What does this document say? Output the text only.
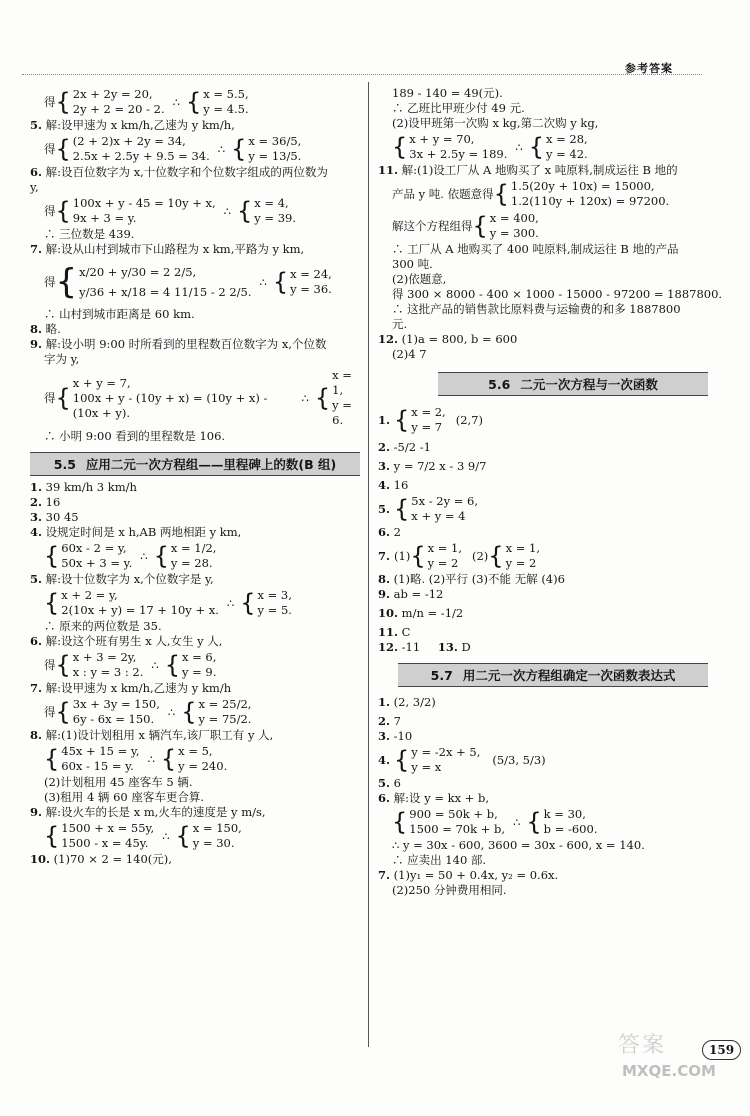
参考答案
得 { 2x + 2y = 20,
2y + 2 = 20 - 2.
∴ { x = 5.5,
y = 4.5.
5. 解:设甲速为 x km/h,乙速为 y km/h,
得 { (2 + 2)x + 2y = 34,
2.5x + 2.5y + 9.5 = 34.
∴ { x = 36/5,
y = 13/5.
6. 解:设百位数字为 x,十位数字和个位数字组成的两位数为
y,
得 { 100x + y - 45 = 10y + x,
9x + 3 = y.
∴ { x = 4,
y = 39.
∴ 三位数是 439.
7. 解:设从山村到城市下山路程为 x km,平路为 y km,
得 { x/20 + y/30 = 2 2/5,
y/36 + x/18 = 4 11/15 - 2 2/5.
∴ { x = 24,
y = 36.
∴ 山村到城市距离是 60 km.
8. 略.
9. 解:设小明 9:00 时所看到的里程数百位数字为 x,个位数
字为 y,
得 {
x + y = 7,
100x + y - (10y + x) = (10y + x) - (10x + y).
∴ {
x = 1,
y = 6.
∴ 小明 9:00 看到的里程数是 106.
5.5 应用二元一次方程组——里程碑上的数(B 组)
1. 39 km/h 3 km/h
2. 16
3. 30 45
4. 设规定时间是 x h,AB 两地相距 y km,
{ 60x - 2 = y,
50x + 3 = y.
∴ { x = 1/2,
y = 28.
5. 解:设十位数字为 x,个位数字是 y,
{ x + 2 = y,
2(10x + y) = 17 + 10y + x.
∴ { x = 3,
y = 5.
∴ 原来的两位数是 35.
6. 解:设这个班有男生 x 人,女生 y 人,
得 { x + 3 = 2y,
x : y = 3 : 2.
∴ { x = 6,
y = 9.
7. 解:设甲速为 x km/h,乙速为 y km/h
得 { 3x + 3y = 150,
6y - 6x = 150.
∴ { x = 25/2,
y = 75/2.
8. 解:(1)设计划租用 x 辆汽车,该厂职工有 y 人,
{ 45x + 15 = y,
60x - 15 = y.
∴ { x = 5,
y = 240.
(2)计划租用 45 座客车 5 辆.
(3)租用 4 辆 60 座客车更合算.
9. 解:设火车的长是 x m,火车的速度是 y m/s,
{ 1500 + x = 55y,
1500 - x = 45y.
∴ { x = 150,
y = 30.
10. (1)70 × 2 = 140(元),
189 - 140 = 49(元).
∴ 乙班比甲班少付 49 元.
(2)设甲班第一次购 x kg,第二次购 y kg,
{ x + y = 70,
3x + 2.5y = 189.
∴ { x = 28,
y = 42.
11. 解:(1)设工厂从 A 地购买了 x 吨原料,制成运往 B 地的
产品 y 吨. 依题意得 { 1.5(20y + 10x) = 15000,
1.2(110y + 120x) = 97200.
解这个方程组得 { x = 400,
y = 300.
∴ 工厂从 A 地购买了 400 吨原料,制成运往 B 地的产品
300 吨.
(2)依题意,
得 300 × 8000 - 400 × 1000 - 15000 - 97200 = 1887800.
∴ 这批产品的销售款比原料费与运输费的和多 1887800
元.
12. (1)a = 800, b = 600
(2)4 7
5.6 二元一次方程与一次函数
1. { x = 2,
y = 7
(2,7)
2. -5/2 -1
3. y = 7/2 x - 3 9/7
4. 16
5. { 5x - 2y = 6,
x + y = 4
6. 2
7. (1) { x = 1,
y = 2
(2) { x = 1,
y = 2
8. (1)略. (2)平行 (3)不能 无解 (4)6
9. ab = -12
10. m/n = -1/2
11. C
12. -11 13. D
5.7 用二元一次方程组确定一次函数表达式
1. (2, 3/2)
2. 7
3. -10
4. { y = -2x + 5,
y = x
(5/3, 5/3)
5. 6
6. 解:设 y = kx + b,
{ 900 = 50k + b,
1500 = 70k + b,
∴ { k = 30,
b = -600.
∴ y = 30x - 600, 3600 = 30x - 600, x = 140.
∴ 应卖出 140 部.
7. (1)y₁ = 50 + 0.4x, y₂ = 0.6x.
(2)250 分钟费用相同.
答案	159
MXQE.COM
